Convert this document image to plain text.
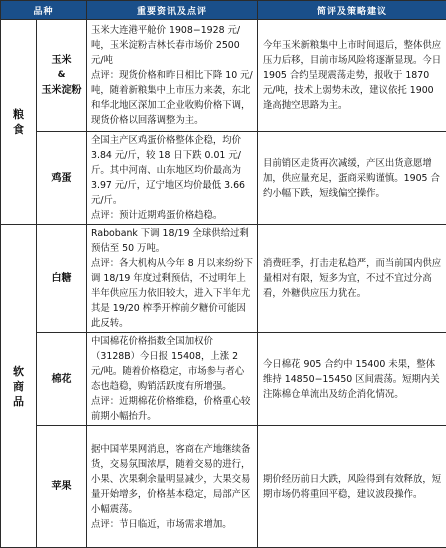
品种		重要资讯及点评	简评及策略建议

粮食	玉米
&
玉米淀粉	玉米大连港平舱价 1908−1928 元/吨，玉米淀粉吉林长春市场价 2500 元/吨
点评：现货价格和昨日相比下降 10 元/吨，随着新粮集中上市压力来袭，东北和华北地区深加工企业收购价格下调，现货价格以回落调整为主。	今年玉米新粮集中上市时间退后，整体供应压力后移，目前市场风险将逐渐显现。今日 1905 合约呈现震荡走势，报收于 1870 元/吨，技术上弱势未改，建议依托 1900 逢高抛空思路为主。
	鸡蛋	全国主产区鸡蛋价格整体企稳，均价 3.84 元/斤，较 18 日下跌 0.01 元/斤。其中河南、山东地区均价最高为 3.97 元/斤，辽宁地区均价最低 3.66 元/斤。
点评：预计近期鸡蛋价格趋稳。	目前销区走货再次减缓，产区出货意愿增加，供应量充足，蛋商采购谨慎。1905 合约小幅下跌，短线偏空操作。

软商品	白糖	Rabobank 下调 18/19 全球供给过剩预估至 50 万吨。
点评：各大机构从今年 8 月以来纷纷下调 18/19 年度过剩预估，不过明年上半年供应压力依旧较大，进入下半年尤其是 19/20 榨季开榨前夕糖价可能因此反转。	消费旺季，打击走私趋严，而当前国内供应量相对有限，短多为宜，不过不宜过分高看，外糖供应压力犹在。
	棉花	中国棉花价格指数全国加权价（3128B）今日报 15408，上涨 2 元/吨。随着价格稳定，市场参与者心态也趋稳，购销活跃度有所增强。
点评：近期棉花价格维稳，价格重心较前期小幅抬升。	今日棉花 905 合约中 15400 未果，整体维持 14850−15450 区间震荡。短期内关注陈棉仓单流出及纺企消化情况。
	苹果	据中国苹果网消息，客商在产地继续备货，交易氛围浓厚，随着交易的进行，小果、次果剩余量明显减少，大果交易量开始增多，价格基本稳定，局部产区小幅震荡。
点评：节日临近，市场需求增加。	期价经历前日大跌，风险得到有效释放，短期市场仍将重回平稳，建议波段操作。
